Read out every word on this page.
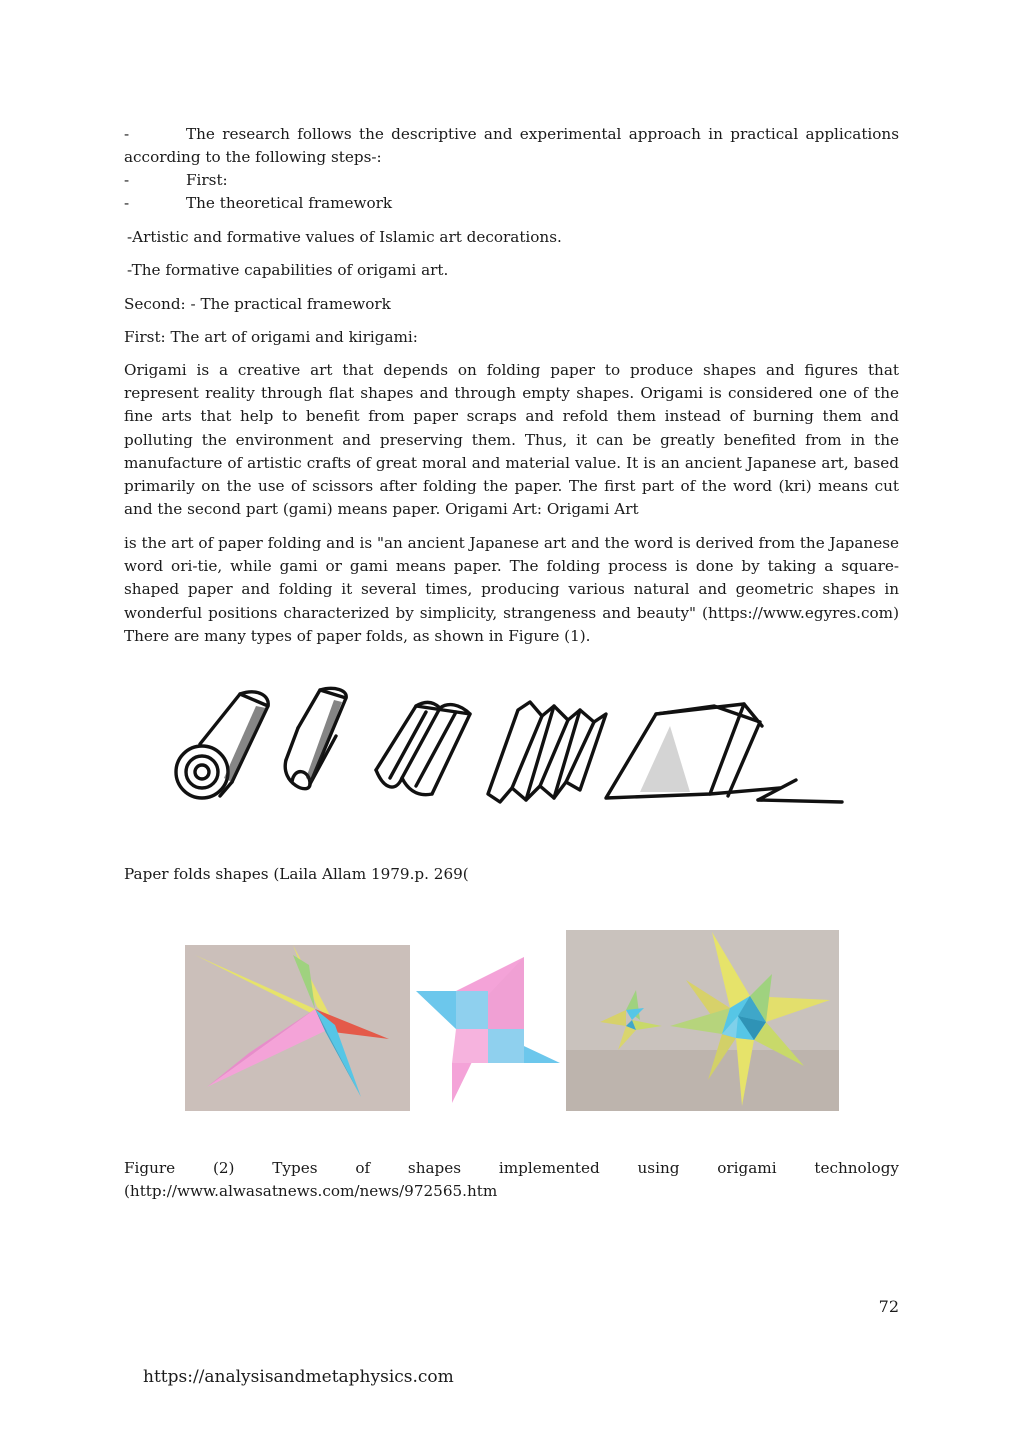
-	The research follows the descriptive and experimental approach in practical applications
according to the following steps-:
-	First:
-	The theoretical framework

-Artistic and formative values of Islamic art decorations.

-The formative capabilities of origami art.

Second: - The practical framework

First: The art of origami and kirigami:

Origami is a creative art that depends on folding paper to produce shapes and figures that represent reality through flat shapes and through empty shapes. Origami is considered one of the fine arts that help to benefit from paper scraps and refold them instead of burning them and polluting the environment and preserving them. Thus, it can be greatly benefited from in the manufacture of artistic crafts of great moral and material value. It is an ancient Japanese art, based primarily on the use of scissors after folding the paper. The first part of the word (kri) means cut and the second part (gami) means paper. Origami Art: Origami Art

is the art of paper folding and is "an ancient Japanese art and the word is derived from the Japanese word ori-tie, while gami or gami means paper. The folding process is done by taking a square-shaped paper and folding it several times, producing various natural and geometric shapes in wonderful positions characterized by simplicity, strangeness and beauty" (https://www.egyres.com) There are many types of paper folds, as shown in Figure (1).

Paper folds shapes (Laila Allam 1979.p. 269(

Figure (2) Types of shapes implemented using origami technology

(http://www.alwasatnews.com/news/972565.htm

72
https://analysisandmetaphysics.com
